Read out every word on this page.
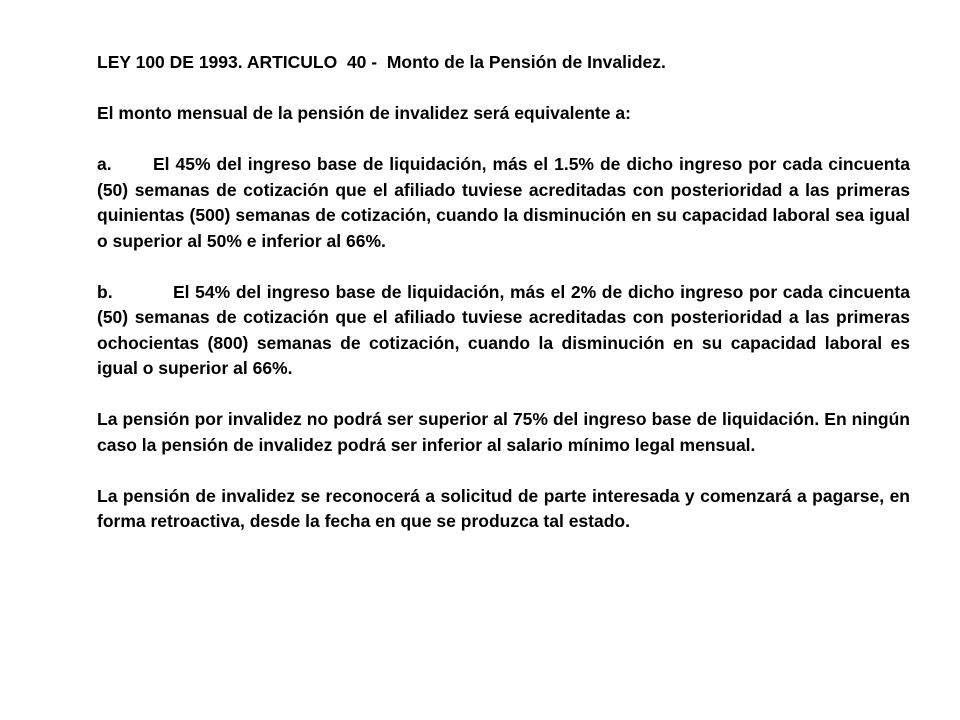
LEY 100 DE 1993. ARTICULO  40 -  Monto de la Pensión de Invalidez.

El monto mensual de la pensión de invalidez será equivalente a:

a. El 45% del ingreso base de liquidación, más el 1.5% de dicho ingreso por cada cincuenta (50) semanas de cotización que el afiliado tuviese acreditadas con posterioridad a las primeras quinientas (500) semanas de cotización, cuando la disminución en su capacidad laboral sea igual o superior al 50% e inferior al 66%.

b.	El 54% del ingreso base de liquidación, más el 2% de dicho ingreso por cada cincuenta (50) semanas de cotización que el afiliado tuviese acreditadas con posterioridad a las primeras ochocientas (800) semanas de cotización, cuando la disminución en su capacidad laboral es igual o superior al 66%.

La pensión por invalidez no podrá ser superior al 75% del ingreso base de liquidación. En ningún caso la pensión de invalidez podrá ser inferior al salario mínimo legal mensual.

La pensión de invalidez se reconocerá a solicitud de parte interesada y comenzará a pagarse, en forma retroactiva, desde la fecha en que se produzca tal estado.
